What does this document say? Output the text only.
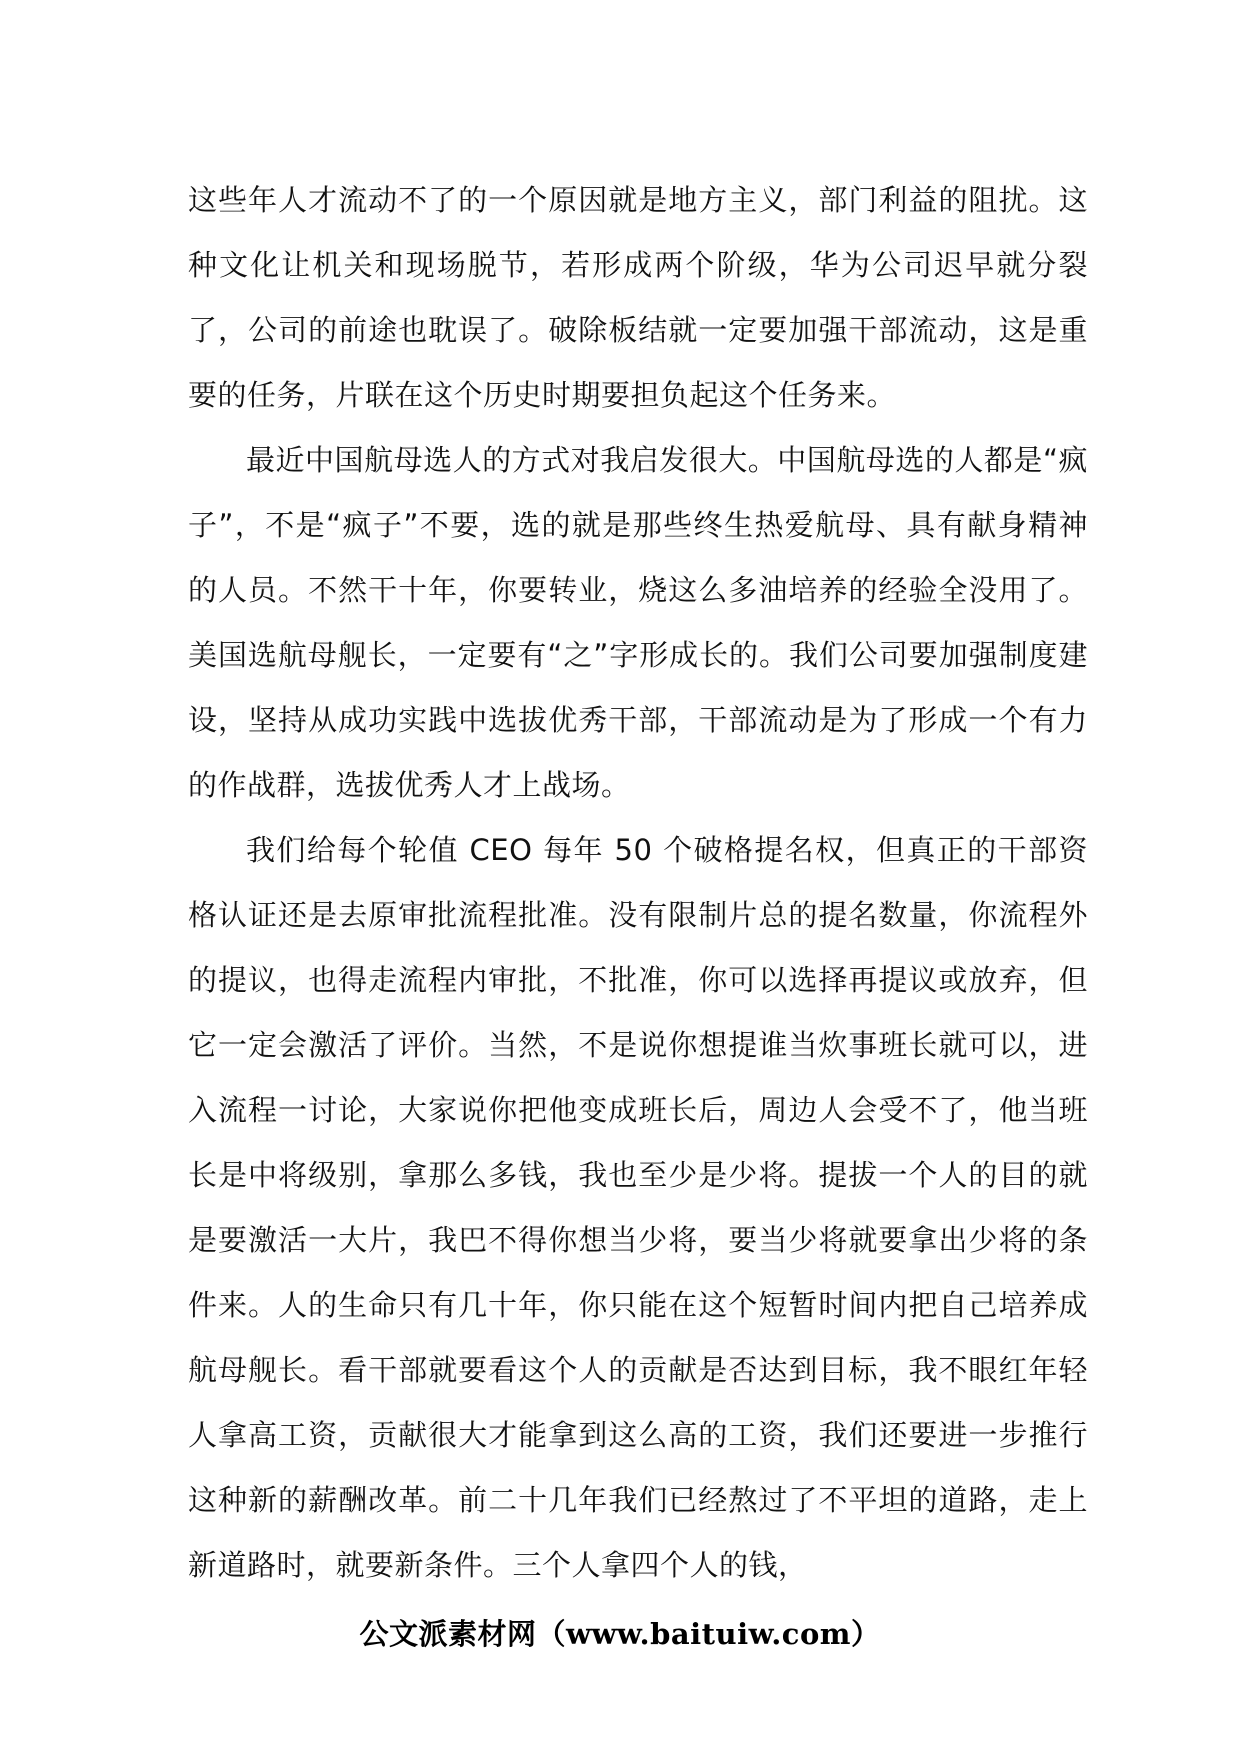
这些年人才流动不了的一个原因就是地方主义，部门利益的阻扰。这种文化让机关和现场脱节，若形成两个阶级，华为公司迟早就分裂了，公司的前途也耽误了。破除板结就一定要加强干部流动，这是重要的任务，片联在这个历史时期要担负起这个任务来。

最近中国航母选人的方式对我启发很大。中国航母选的人都是“疯子”，不是“疯子”不要，选的就是那些终生热爱航母、具有献身精神的人员。不然干十年，你要转业，烧这么多油培养的经验全没用了。美国选航母舰长，一定要有“之”字形成长的。我们公司要加强制度建设，坚持从成功实践中选拔优秀干部，干部流动是为了形成一个有力的作战群，选拔优秀人才上战场。

我们给每个轮值 CEO 每年 50 个破格提名权，但真正的干部资格认证还是去原审批流程批准。没有限制片总的提名数量，你流程外的提议，也得走流程内审批，不批准，你可以选择再提议或放弃，但它一定会激活了评价。当然，不是说你想提谁当炊事班长就可以，进入流程一讨论，大家说你把他变成班长后，周边人会受不了，他当班长是中将级别，拿那么多钱，我也至少是少将。提拔一个人的目的就是要激活一大片，我巴不得你想当少将，要当少将就要拿出少将的条件来。人的生命只有几十年，你只能在这个短暂时间内把自己培养成航母舰长。看干部就要看这个人的贡献是否达到目标，我不眼红年轻人拿高工资，贡献很大才能拿到这么高的工资，我们还要进一步推行这种新的薪酬改革。前二十几年我们已经熬过了不平坦的道路，走上新道路时，就要新条件。三个人拿四个人的钱，

公文派素材网（www.baituiw.com）
